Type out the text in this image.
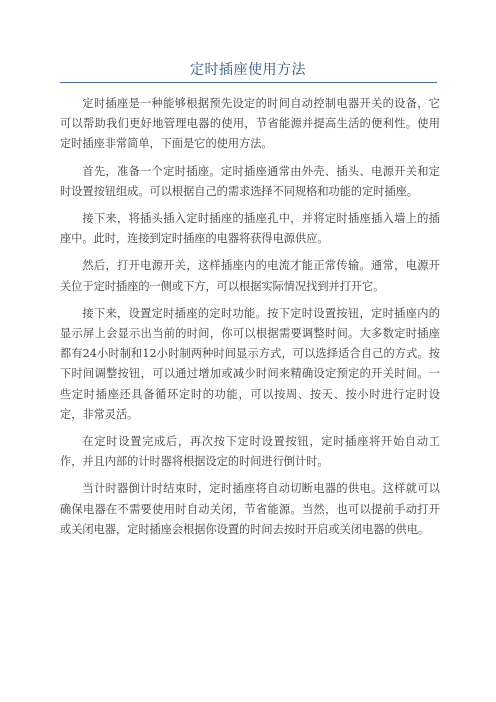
定时插座使用方法

定时插座是一种能够根据预先设定的时间自动控制电器开关的设备，它可以帮助我们更好地管理电器的使用，节省能源并提高生活的便利性。使用定时插座非常简单，下面是它的使用方法。

首先，准备一个定时插座。定时插座通常由外壳、插头、电源开关和定时设置按钮组成。可以根据自己的需求选择不同规格和功能的定时插座。

接下来，将插头插入定时插座的插座孔中，并将定时插座插入墙上的插座中。此时，连接到定时插座的电器将获得电源供应。

然后，打开电源开关，这样插座内的电流才能正常传输。通常，电源开关位于定时插座的一侧或下方，可以根据实际情况找到并打开它。

接下来，设置定时插座的定时功能。按下定时设置按钮，定时插座内的显示屏上会显示出当前的时间，你可以根据需要调整时间。大多数定时插座都有24小时制和12小时制两种时间显示方式，可以选择适合自己的方式。按下时间调整按钮，可以通过增加或减少时间来精确设定预定的开关时间。一些定时插座还具备循环定时的功能，可以按周、按天、按小时进行定时设定，非常灵活。

在定时设置完成后，再次按下定时设置按钮，定时插座将开始自动工作，并且内部的计时器将根据设定的时间进行倒计时。

当计时器倒计时结束时，定时插座将自动切断电器的供电。这样就可以确保电器在不需要使用时自动关闭，节省能源。当然，也可以提前手动打开或关闭电器，定时插座会根据你设置的时间去按时开启或关闭电器的供电。
